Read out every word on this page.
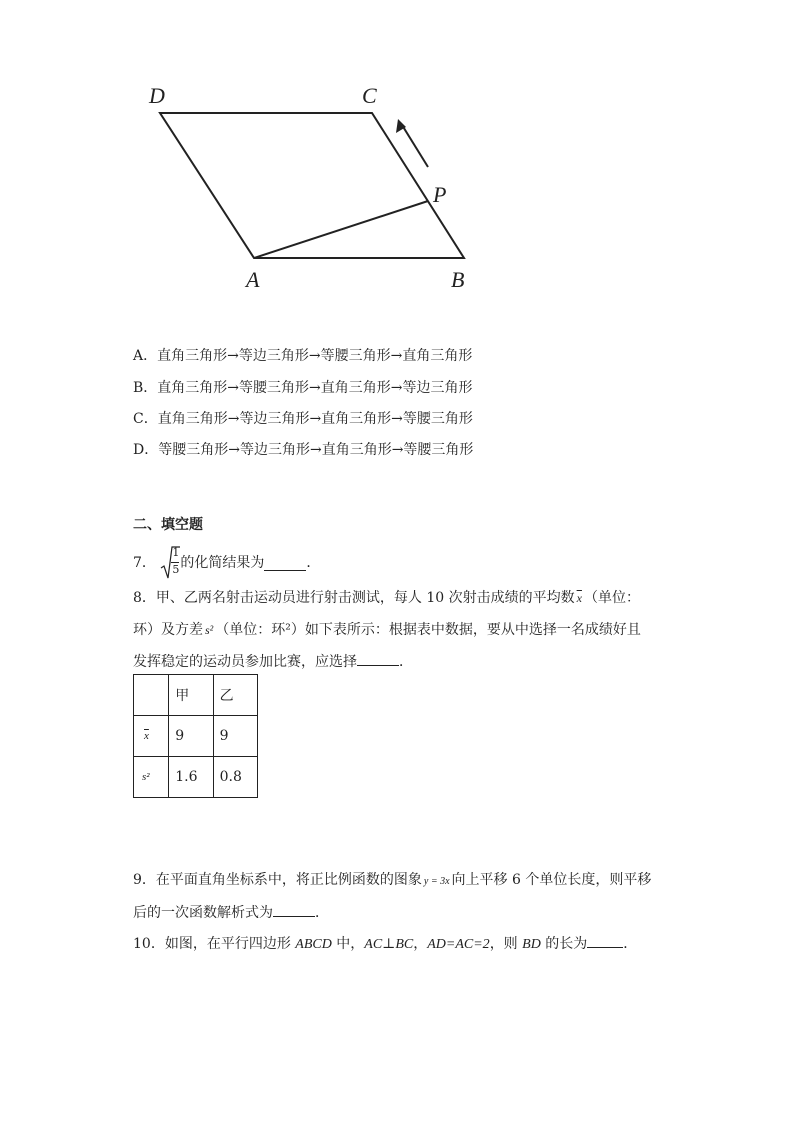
D	C
P
A	B
A．直角三角形→等边三角形→等腰三角形→直角三角形
B．直角三角形→等腰三角形→直角三角形→等边三角形
C．直角三角形→等边三角形→直角三角形→等腰三角形
D．等腰三角形→等边三角形→直角三角形→等腰三角形
二、填空题
7． $\frac{1}{5}$ 的化简结果为	．
8．甲、乙两名射击运动员进行射击测试，每人 10 次射击成绩的平均数 $\overline{x}$ （单位：
环）及方差 s² （单位：环²）如下表所示：根据表中数据，要从中选择一名成绩好且
发挥稳定的运动员参加比赛，应选择	．
	甲	乙
$\overline{x}$	9	9
s²	1.6	0.8
9．在平面直角坐标系中，将正比例函数的图象 y = 3x 向上平移 6 个单位长度，则平移
后的一次函数解析式为	．
10．如图，在平行四边形 ABCD 中，AC⊥BC，AD=AC=2，则 BD 的长为	．
